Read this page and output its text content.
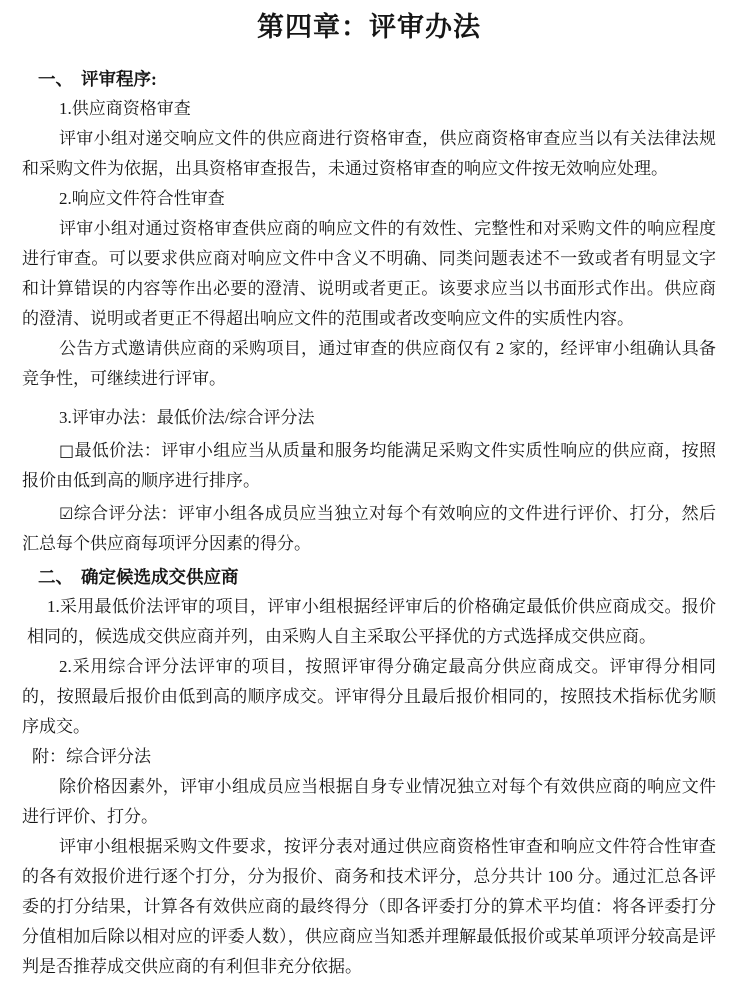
第四章：评审办法

一、 评审程序:

1.供应商资格审查

评审小组对递交响应文件的供应商进行资格审查，供应商资格审查应当以有关法律法规和采购文件为依据，出具资格审查报告，未通过资格审查的响应文件按无效响应处理。

2.响应文件符合性审查

评审小组对通过资格审查供应商的响应文件的有效性、完整性和对采购文件的响应程度进行审查。可以要求供应商对响应文件中含义不明确、同类问题表述不一致或者有明显文字和计算错误的内容等作出必要的澄清、说明或者更正。该要求应当以书面形式作出。供应商的澄清、说明或者更正不得超出响应文件的范围或者改变响应文件的实质性内容。

公告方式邀请供应商的采购项目，通过审查的供应商仅有 2 家的，经评审小组确认具备竞争性，可继续进行评审。

3.评审办法：最低价法/综合评分法

□最低价法：评审小组应当从质量和服务均能满足采购文件实质性响应的供应商，按照报价由低到高的顺序进行排序。

☑综合评分法：评审小组各成员应当独立对每个有效响应的文件进行评价、打分，然后汇总每个供应商每项评分因素的得分。

二、 确定候选成交供应商

1.采用最低价法评审的项目，评审小组根据经评审后的价格确定最低价供应商成交。报价相同的，候选成交供应商并列，由采购人自主采取公平择优的方式选择成交供应商。

2.采用综合评分法评审的项目，按照评审得分确定最高分供应商成交。评审得分相同的，按照最后报价由低到高的顺序成交。评审得分且最后报价相同的，按照技术指标优劣顺序成交。

附：综合评分法

除价格因素外，评审小组成员应当根据自身专业情况独立对每个有效供应商的响应文件进行评价、打分。

评审小组根据采购文件要求，按评分表对通过供应商资格性审查和响应文件符合性审查的各有效报价进行逐个打分，分为报价、商务和技术评分，总分共计 100 分。通过汇总各评委的打分结果，计算各有效供应商的最终得分（即各评委打分的算术平均值：将各评委打分分值相加后除以相对应的评委人数），供应商应当知悉并理解最低报价或某单项评分较高是评判是否推荐成交供应商的有利但非充分依据。
